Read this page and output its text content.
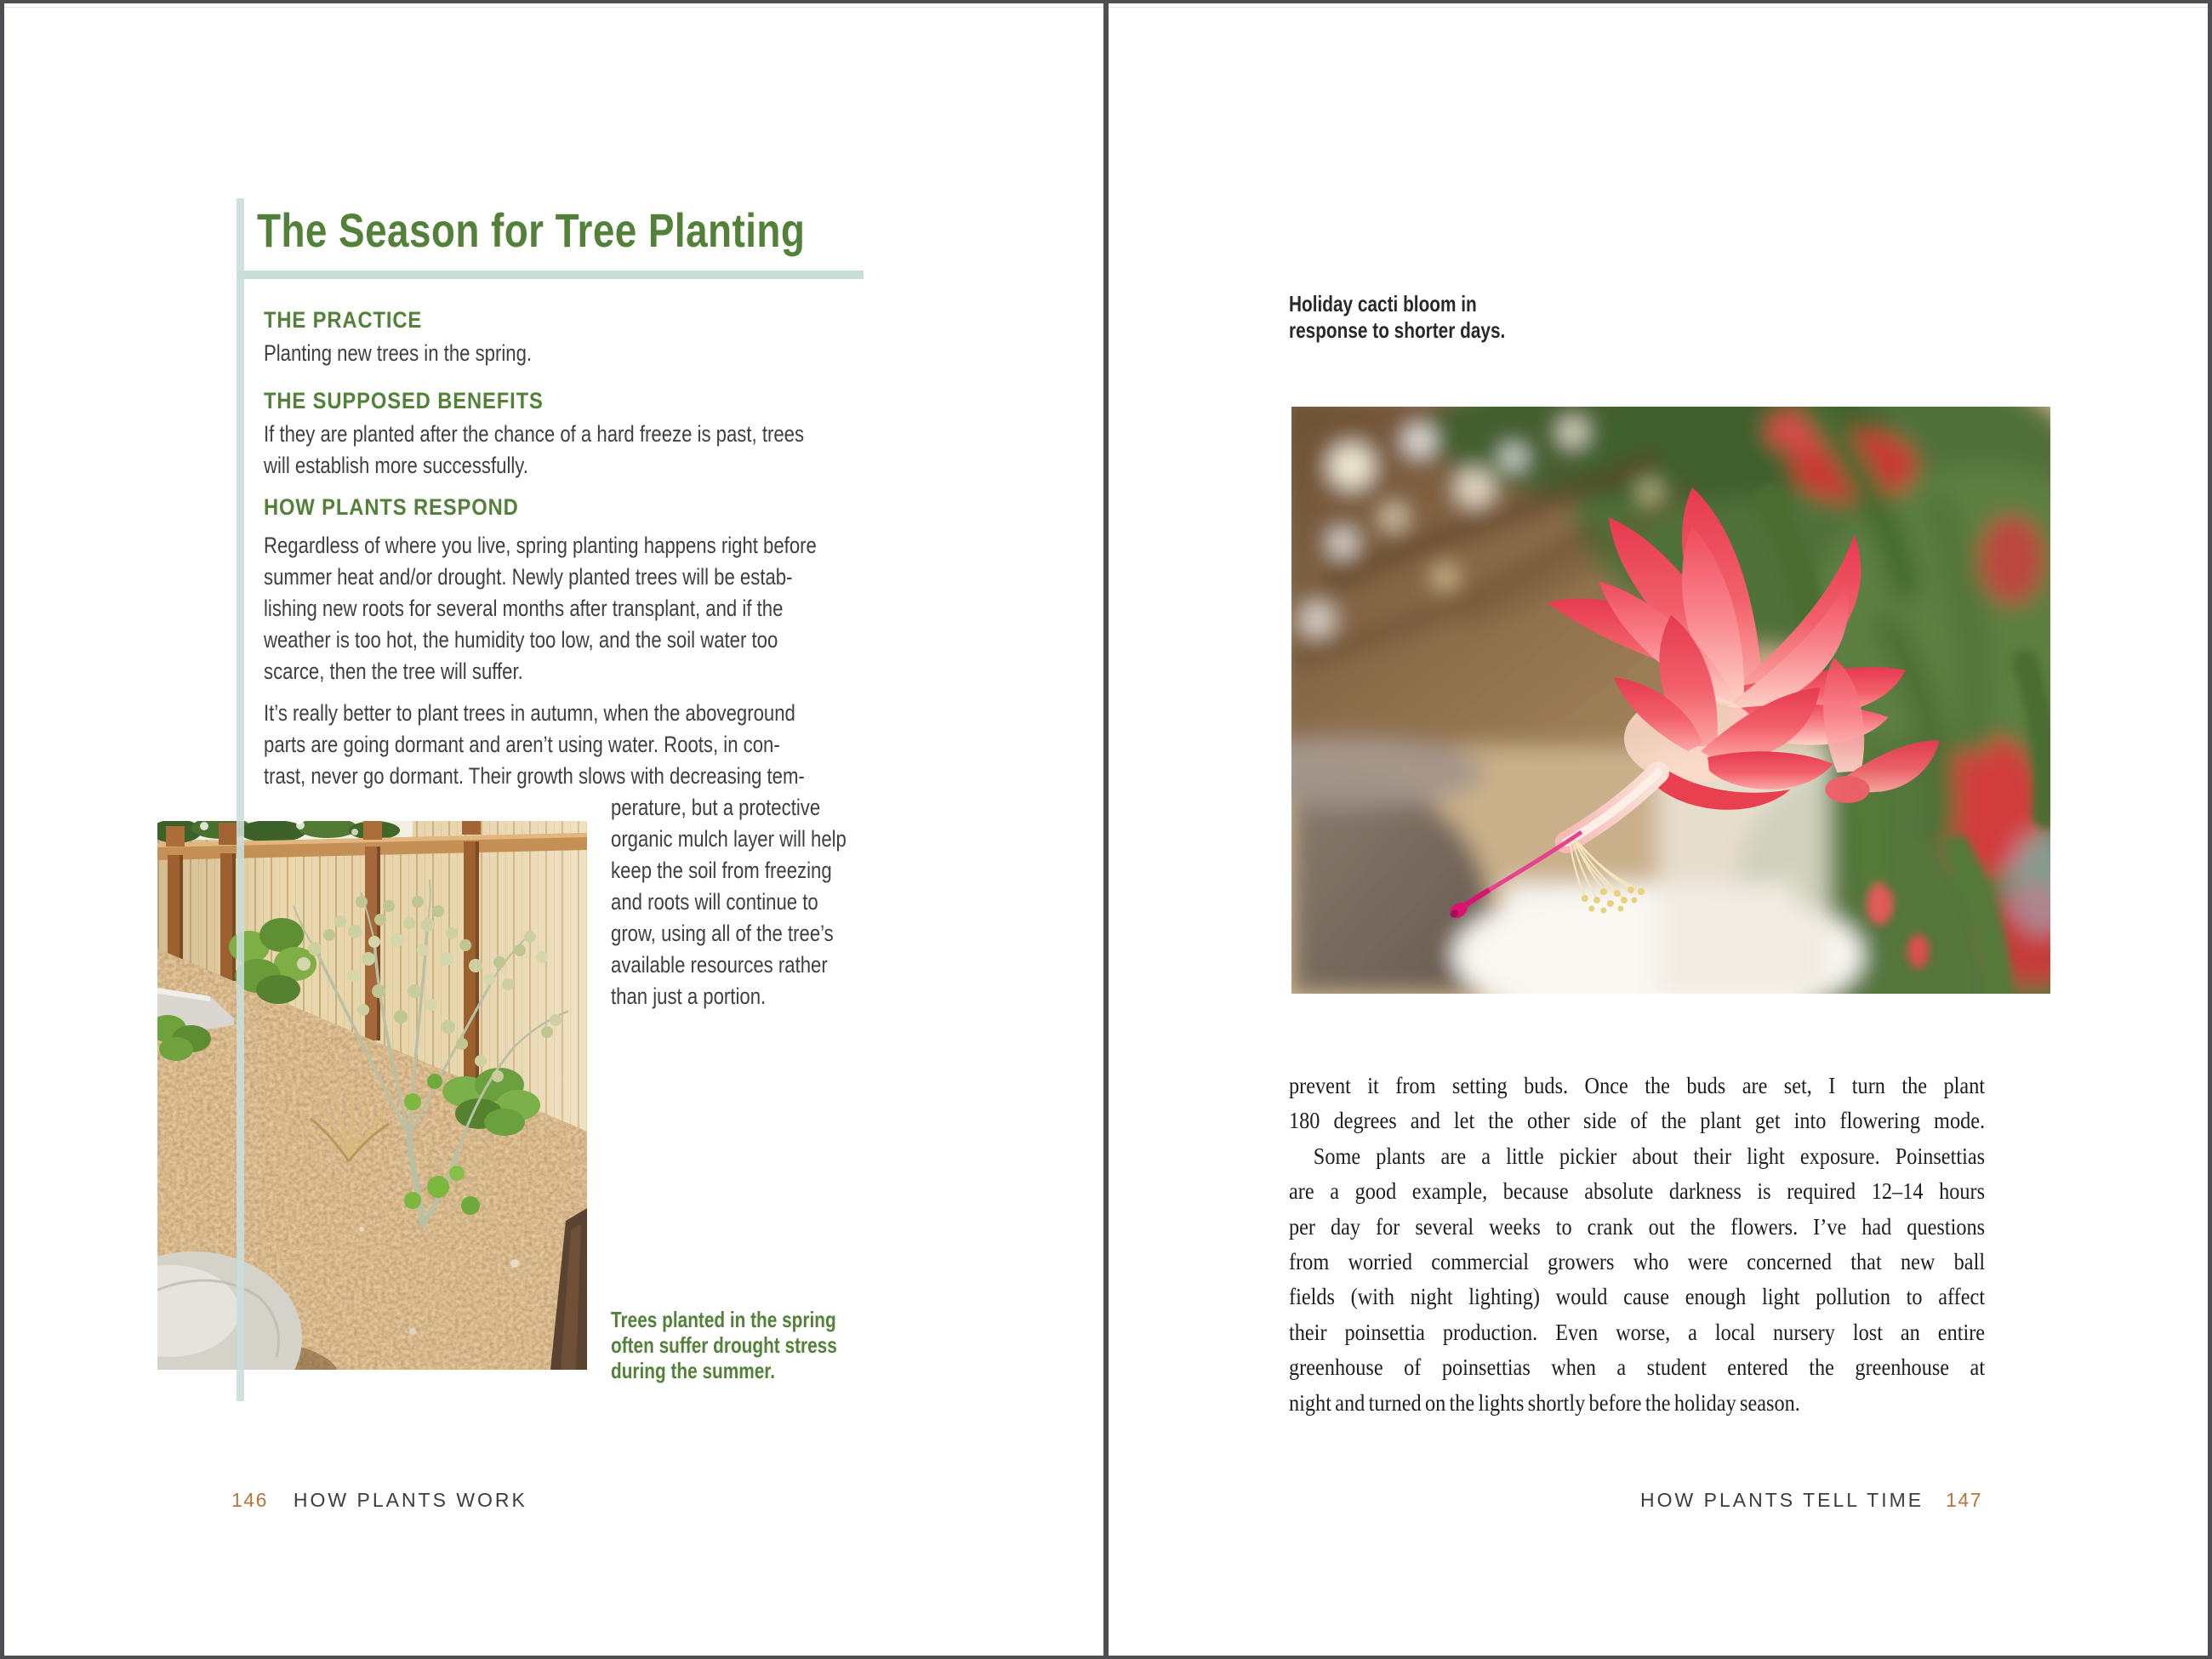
The Season for Tree Planting
THE PRACTICE
Planting new trees in the spring.
THE SUPPOSED BENEFITS
If they are planted after the chance of a hard freeze is past, trees
will establish more successfully.
HOW PLANTS RESPOND
Regardless of where you live, spring planting happens right before
summer heat and/or drought. Newly planted trees will be estab-
lishing new roots for several months after transplant, and if the
weather is too hot, the humidity too low, and the soil water too
scarce, then the tree will suffer.
It’s really better to plant trees in autumn, when the aboveground
parts are going dormant and aren’t using water. Roots, in con-
trast, never go dormant. Their growth slows with decreasing tem-
perature, but a protective
organic mulch layer will help
keep the soil from freezing
and roots will continue to
grow, using all of the tree’s
available resources rather
than just a portion.
Trees planted in the spring
often suffer drought stress
during the summer.
146 HOW PLANTS WORK
Holiday cacti bloom in
response to shorter days.
prevent it from setting buds. Once the buds are set, I turn the plant
180 degrees and let the other side of the plant get into flowering mode.
Some plants are a little pickier about their light exposure. Poinsettias
are a good example, because absolute darkness is required 12–14 hours
per day for several weeks to crank out the flowers. I’ve had questions
from worried commercial growers who were concerned that new ball
fields (with night lighting) would cause enough light pollution to affect
their poinsettia production. Even worse, a local nursery lost an entire
greenhouse of poinsettias when a student entered the greenhouse at
night and turned on the lights shortly before the holiday season.
HOW PLANTS TELL TIME 147
